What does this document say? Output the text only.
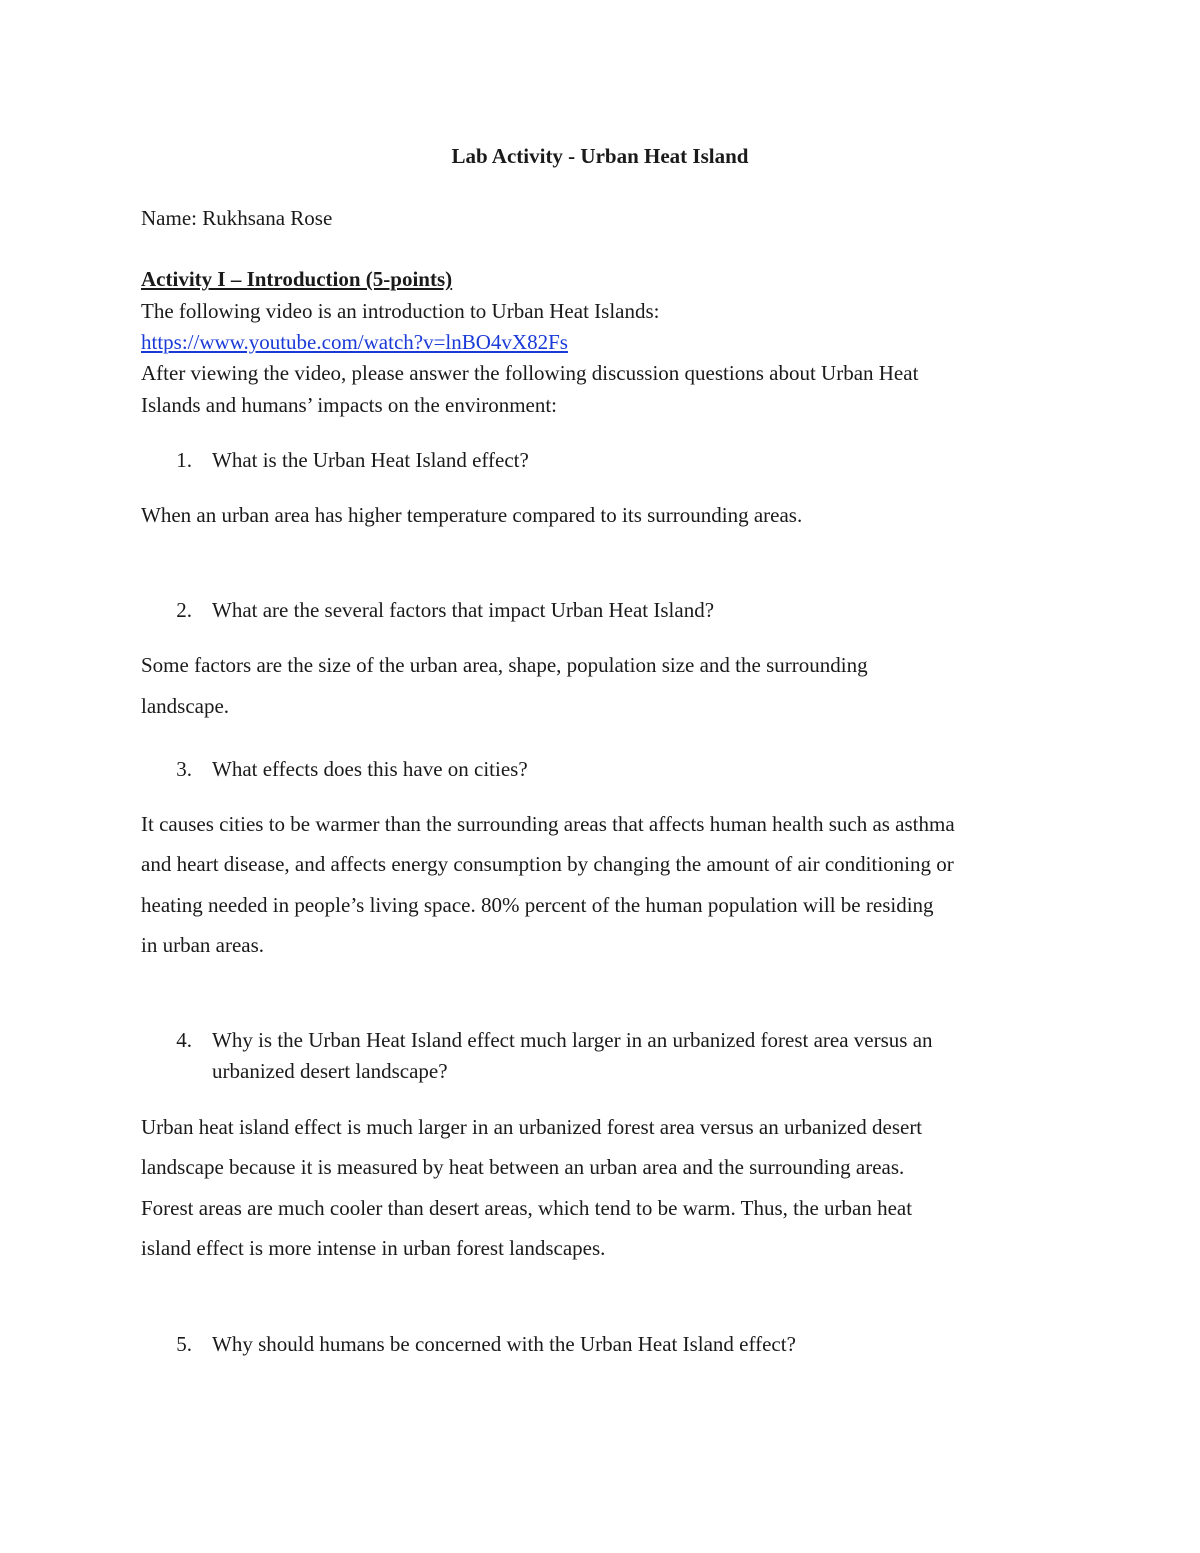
Lab Activity - Urban Heat Island
Name: Rukhsana Rose
Activity I – Introduction (5-points)
The following video is an introduction to Urban Heat Islands:
https://www.youtube.com/watch?v=lnBO4vX82Fs
After viewing the video, please answer the following discussion questions about Urban Heat
Islands and humans’ impacts on the environment:
1. What is the Urban Heat Island effect?
When an urban area has higher temperature compared to its surrounding areas.
2. What are the several factors that impact Urban Heat Island?
Some factors are the size of the urban area, shape, population size and the surrounding
landscape.
3. What effects does this have on cities?
It causes cities to be warmer than the surrounding areas that affects human health such as asthma
and heart disease, and affects energy consumption by changing the amount of air conditioning or
heating needed in people’s living space. 80% percent of the human population will be residing
in urban areas.
4. Why is the Urban Heat Island effect much larger in an urbanized forest area versus an
urbanized desert landscape?
Urban heat island effect is much larger in an urbanized forest area versus an urbanized desert
landscape because it is measured by heat between an urban area and the surrounding areas.
Forest areas are much cooler than desert areas, which tend to be warm. Thus, the urban heat
island effect is more intense in urban forest landscapes.
5. Why should humans be concerned with the Urban Heat Island effect?
